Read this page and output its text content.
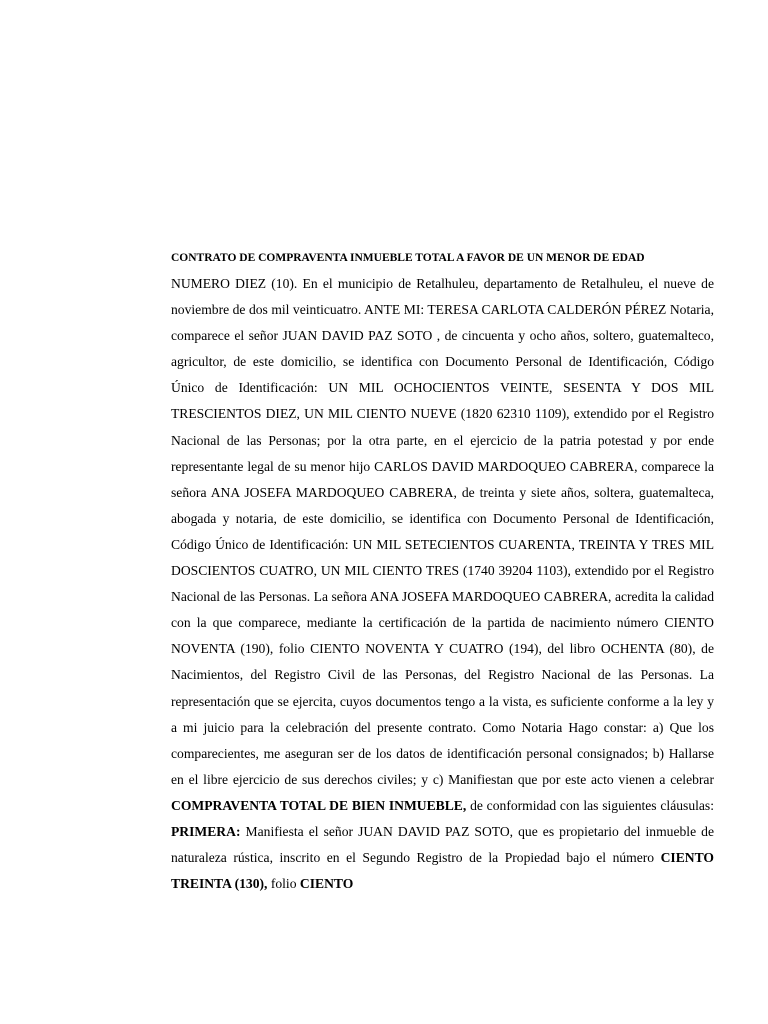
CONTRATO DE COMPRAVENTA INMUEBLE TOTAL A FAVOR DE UN MENOR DE EDAD

NUMERO DIEZ (10). En el municipio de Retalhuleu, departamento de Retalhuleu, el nueve de noviembre de dos mil veinticuatro. ANTE MI: TERESA CARLOTA CALDERÓN PÉREZ Notaria, comparece el señor JUAN DAVID PAZ SOTO , de cincuenta y ocho años, soltero, guatemalteco, agricultor, de este domicilio, se identifica con Documento Personal de Identificación, Código Único de Identificación: UN MIL OCHOCIENTOS VEINTE, SESENTA Y DOS MIL TRESCIENTOS DIEZ, UN MIL CIENTO NUEVE (1820 62310 1109), extendido por el Registro Nacional de las Personas; por la otra parte, en el ejercicio de la patria potestad y por ende representante legal de su menor hijo CARLOS DAVID MARDOQUEO CABRERA, comparece la señora ANA JOSEFA MARDOQUEO CABRERA, de treinta y siete años, soltera, guatemalteca, abogada y notaria, de este domicilio, se identifica con Documento Personal de Identificación, Código Único de Identificación: UN MIL SETECIENTOS CUARENTA, TREINTA Y TRES MIL DOSCIENTOS CUATRO, UN MIL CIENTO TRES (1740 39204 1103), extendido por el Registro Nacional de las Personas. La señora ANA JOSEFA MARDOQUEO CABRERA, acredita la calidad con la que comparece, mediante la certificación de la partida de nacimiento número CIENTO NOVENTA (190), folio CIENTO NOVENTA Y CUATRO (194), del libro OCHENTA (80), de Nacimientos, del Registro Civil de las Personas, del Registro Nacional de las Personas. La representación que se ejercita, cuyos documentos tengo a la vista, es suficiente conforme a la ley y a mi juicio para la celebración del presente contrato. Como Notaria Hago constar: a) Que los comparecientes, me aseguran ser de los datos de identificación personal consignados; b) Hallarse en el libre ejercicio de sus derechos civiles; y c) Manifiestan que por este acto vienen a celebrar COMPRAVENTA TOTAL DE BIEN INMUEBLE, de conformidad con las siguientes cláusulas: PRIMERA: Manifiesta el señor JUAN DAVID PAZ SOTO, que es propietario del inmueble de naturaleza rústica, inscrito en el Segundo Registro de la Propiedad bajo el número CIENTO TREINTA (130), folio CIENTO
